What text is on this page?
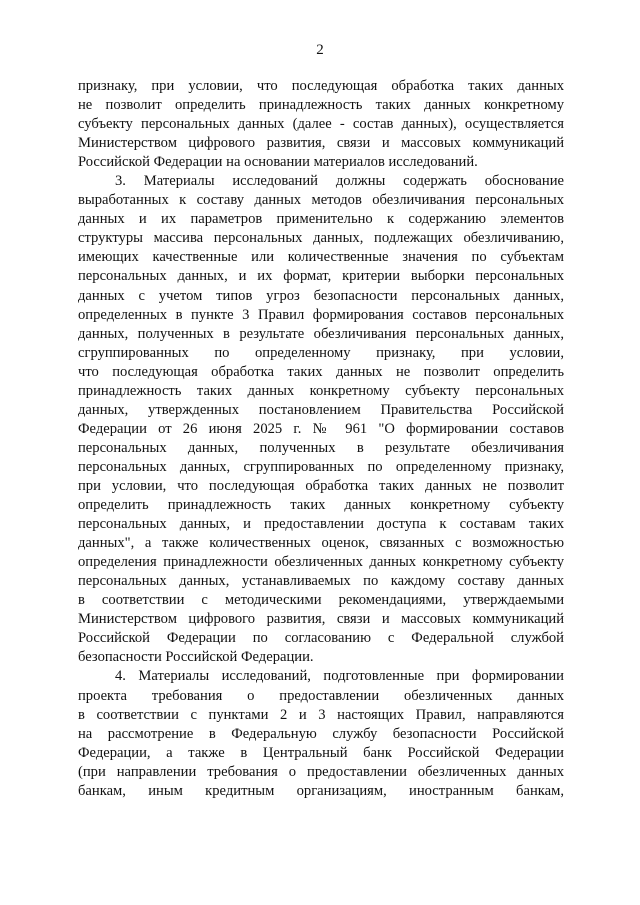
2
признаку, при условии, что последующая обработка таких данных
не позволит определить принадлежность таких данных конкретному
субъекту персональных данных (далее - состав данных), осуществляется
Министерством цифрового развития, связи и массовых коммуникаций
Российской Федерации на основании материалов исследований.
3. Материалы исследований должны содержать обоснование
выработанных к составу данных методов обезличивания персональных
данных и их параметров применительно к содержанию элементов
структуры массива персональных данных, подлежащих обезличиванию,
имеющих качественные или количественные значения по субъектам
персональных данных, и их формат, критерии выборки персональных
данных с учетом типов угроз безопасности персональных данных,
определенных в пункте 3 Правил формирования составов персональных
данных, полученных в результате обезличивания персональных данных,
сгруппированных по определенному признаку, при условии,
что последующая обработка таких данных не позволит определить
принадлежность таких данных конкретному субъекту персональных
данных, утвержденных постановлением Правительства Российской
Федерации от 26 июня 2025 г. № 961 "О формировании составов
персональных данных, полученных в результате обезличивания
персональных данных, сгруппированных по определенному признаку,
при условии, что последующая обработка таких данных не позволит
определить принадлежность таких данных конкретному субъекту
персональных данных, и предоставлении доступа к составам таких
данных", а также количественных оценок, связанных с возможностью
определения принадлежности обезличенных данных конкретному субъекту
персональных данных, устанавливаемых по каждому составу данных
в соответствии с методическими рекомендациями, утверждаемыми
Министерством цифрового развития, связи и массовых коммуникаций
Российской Федерации по согласованию с Федеральной службой
безопасности Российской Федерации.
4. Материалы исследований, подготовленные при формировании
проекта требования о предоставлении обезличенных данных
в соответствии с пунктами 2 и 3 настоящих Правил, направляются
на рассмотрение в Федеральную службу безопасности Российской
Федерации, а также в Центральный банк Российской Федерации
(при направлении требования о предоставлении обезличенных данных
банкам, иным кредитным организациям, иностранным банкам,
